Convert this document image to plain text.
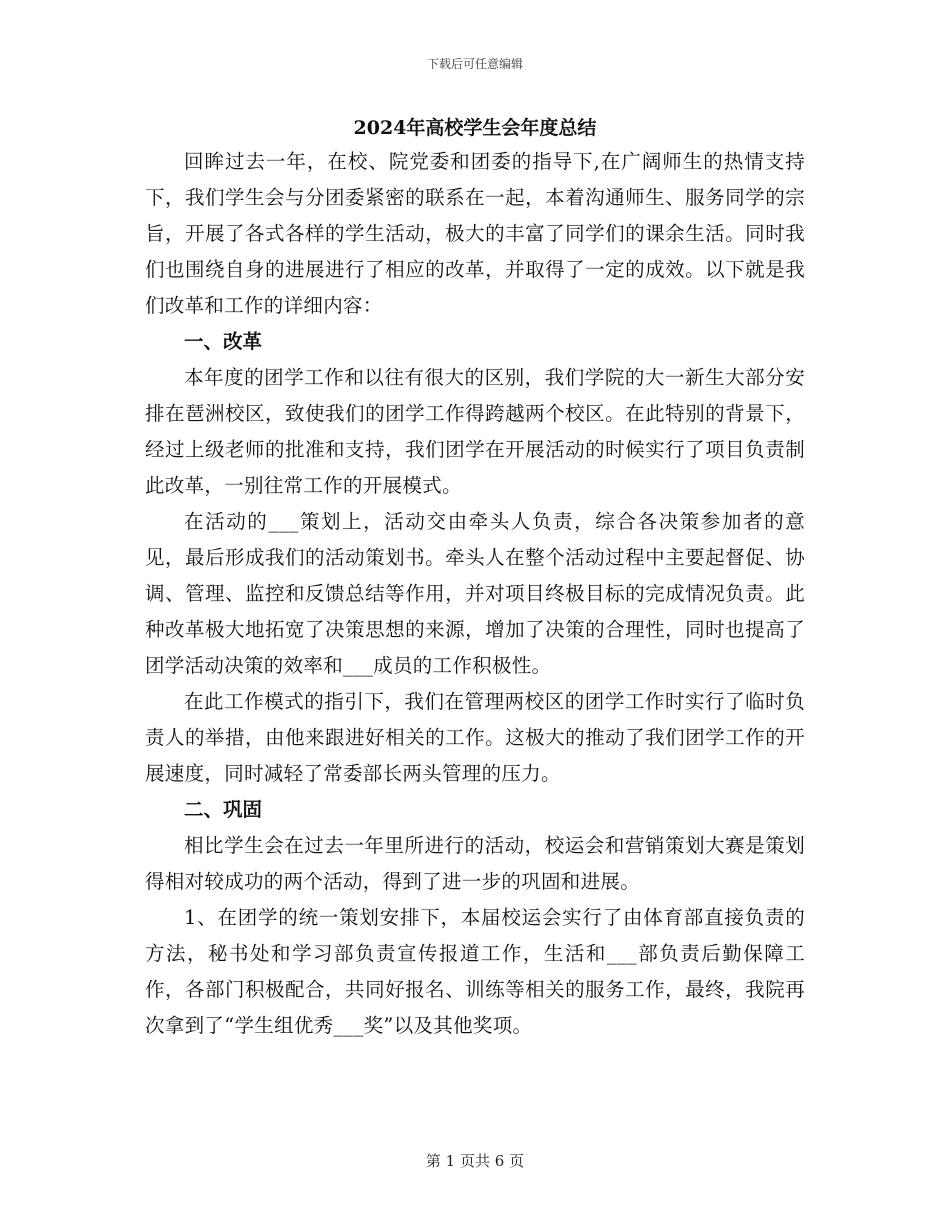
下载后可任意编辑
2024年高校学生会年度总结

回眸过去一年，在校、院党委和团委的指导下,在广阔师生的热情支持下，我们学生会与分团委紧密的联系在一起，本着沟通师生、服务同学的宗旨，开展了各式各样的学生活动，极大的丰富了同学们的课余生活。同时我们也围绕自身的进展进行了相应的改革，并取得了一定的成效。以下就是我们改革和工作的详细内容：

一、改革

本年度的团学工作和以往有很大的区别，我们学院的大一新生大部分安排在琶洲校区，致使我们的团学工作得跨越两个校区。在此特别的背景下，经过上级老师的批准和支持，我们团学在开展活动的时候实行了项目负责制此改革，一别往常工作的开展模式。

在活动的___策划上，活动交由牵头人负责，综合各决策参加者的意见，最后形成我们的活动策划书。牵头人在整个活动过程中主要起督促、协调、管理、监控和反馈总结等作用，并对项目终极目标的完成情况负责。此种改革极大地拓宽了决策思想的来源，增加了决策的合理性，同时也提高了团学活动决策的效率和___成员的工作积极性。

在此工作模式的指引下，我们在管理两校区的团学工作时实行了临时负责人的举措，由他来跟进好相关的工作。这极大的推动了我们团学工作的开展速度，同时减轻了常委部长两头管理的压力。

二、巩固

相比学生会在过去一年里所进行的活动，校运会和营销策划大赛是策划得相对较成功的两个活动，得到了进一步的巩固和进展。

1、在团学的统一策划安排下，本届校运会实行了由体育部直接负责的方法，秘书处和学习部负责宣传报道工作，生活和___部负责后勤保障工作，各部门积极配合，共同好报名、训练等相关的服务工作，最终，我院再次拿到了“学生组优秀___奖”以及其他奖项。

第 1 页共 6 页
